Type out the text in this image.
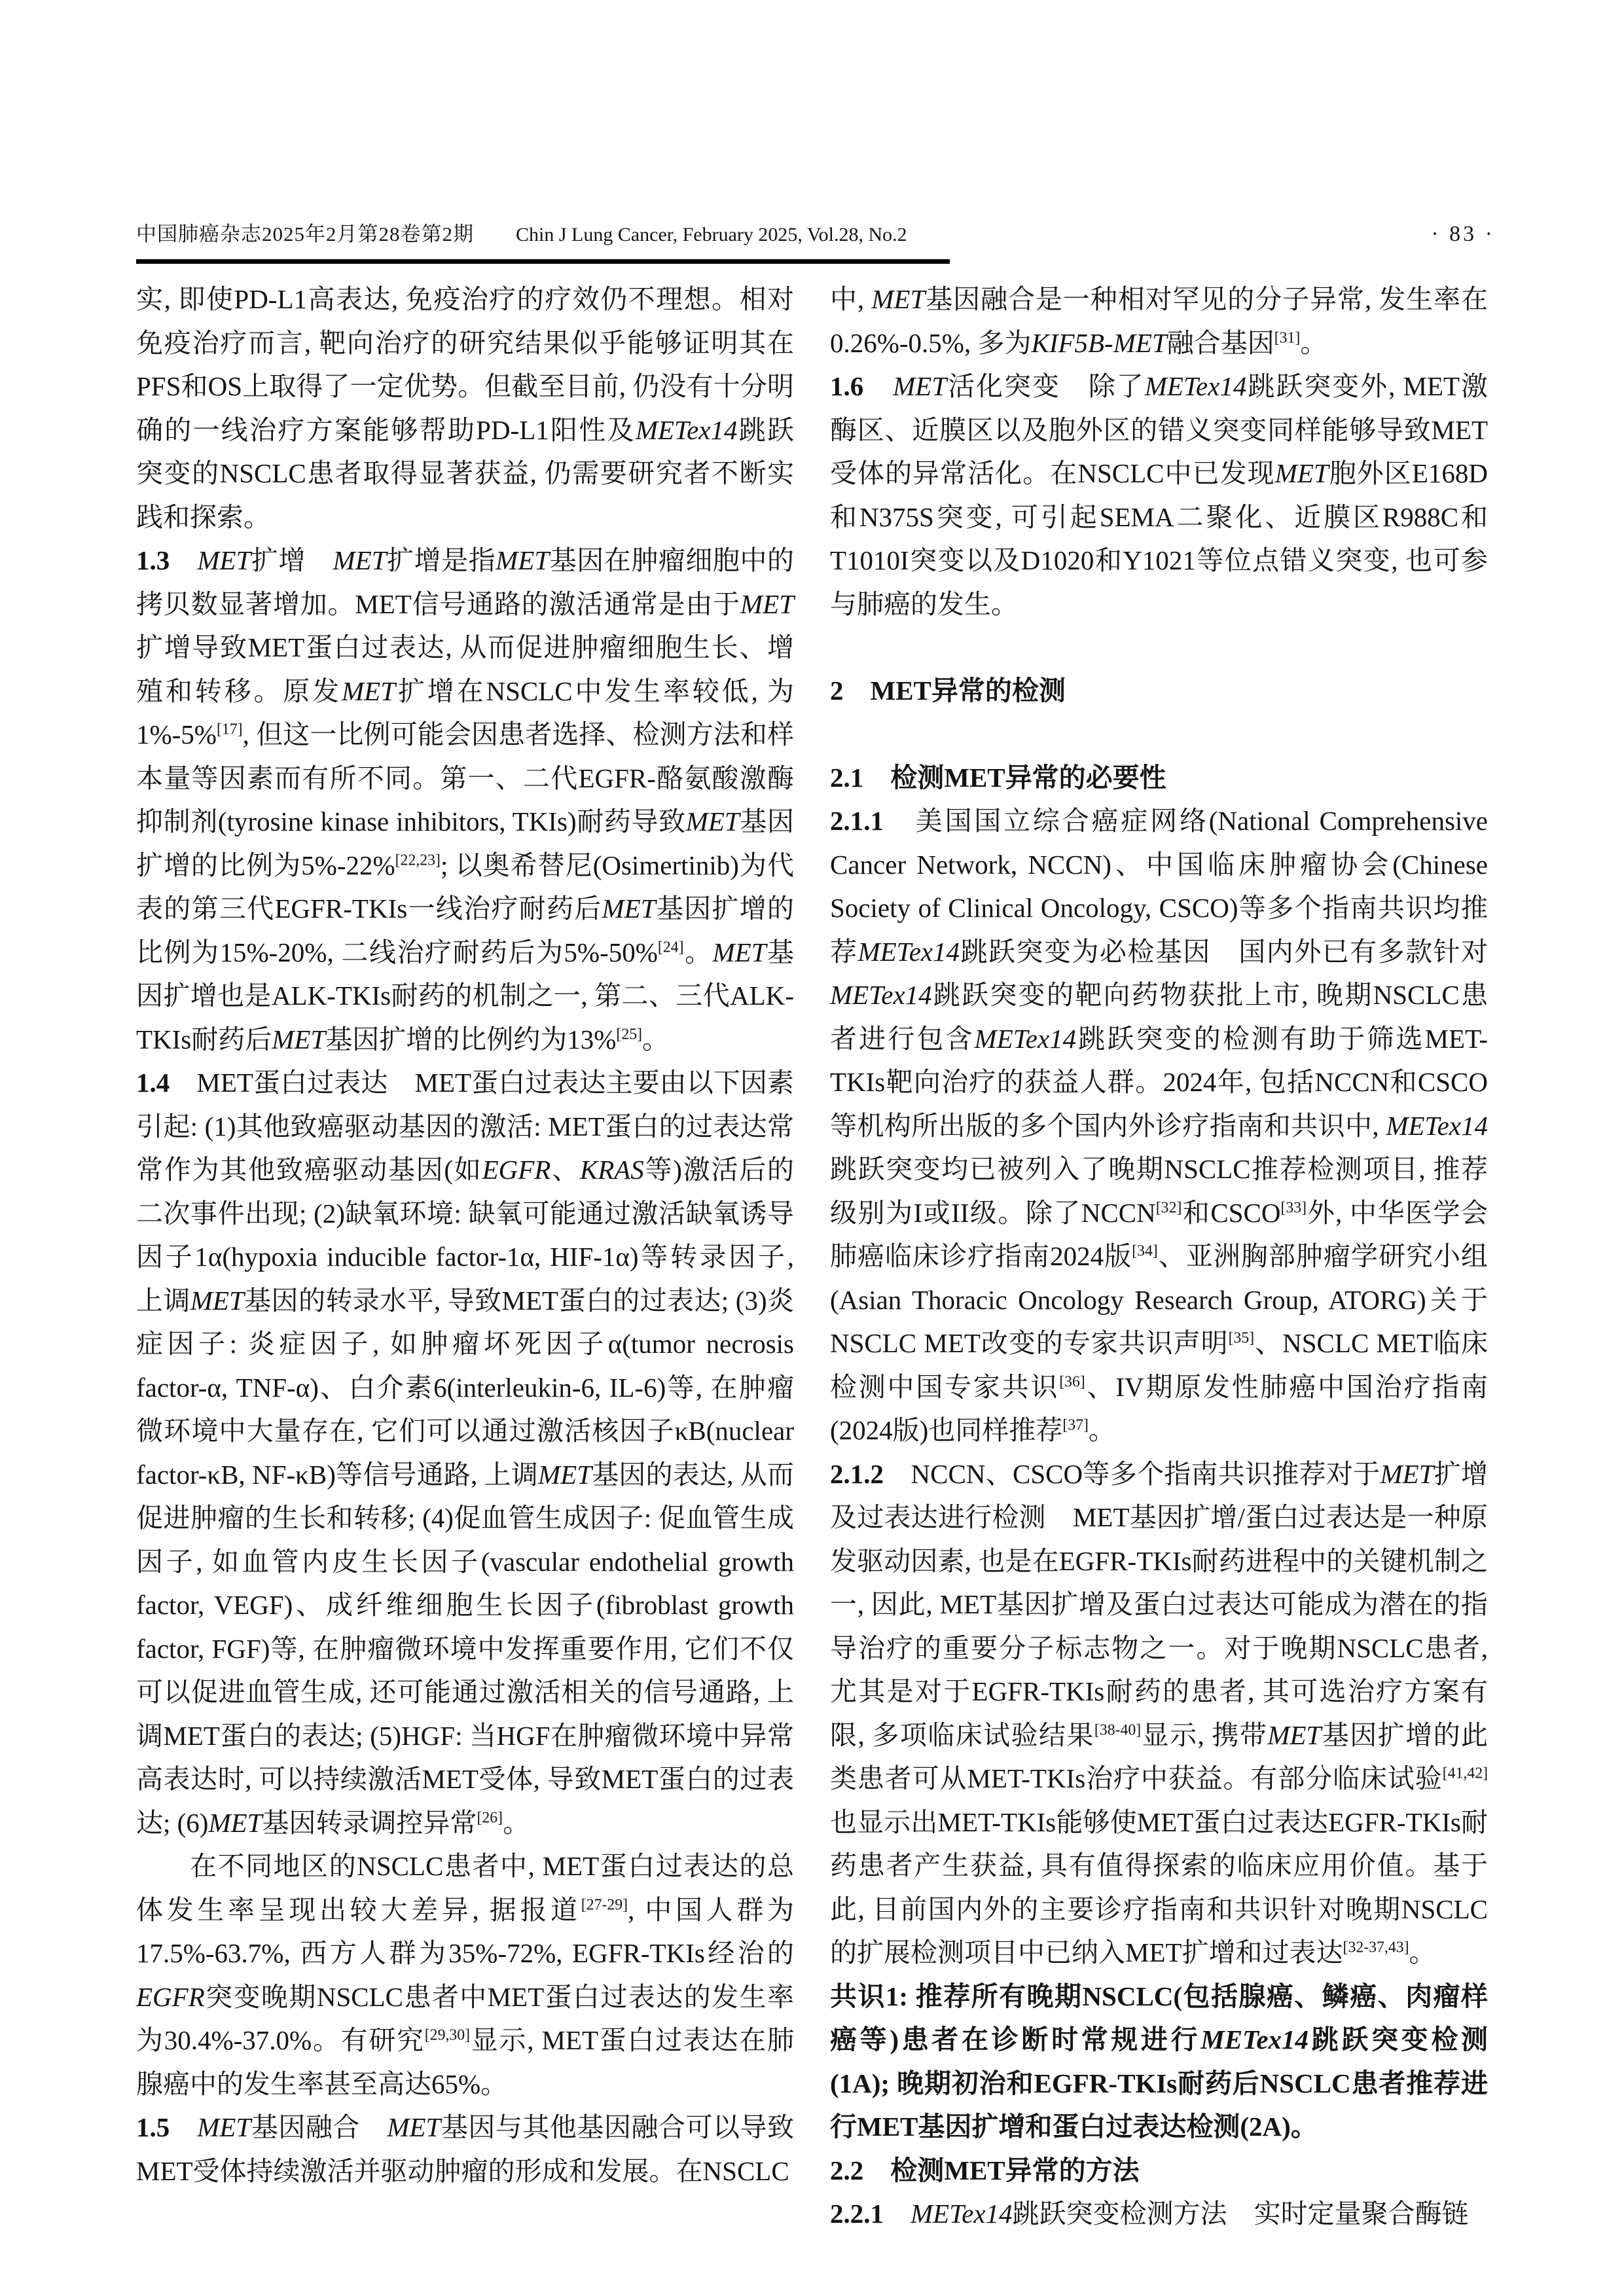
中国肺癌杂志2025年2月第28卷第2期 Chin J Lung Cancer, February 2025, Vol.28, No.2	· 83 ·

实, 即使PD-L1高表达, 免疫治疗的疗效仍不理想。相对免疫治疗而言, 靶向治疗的研究结果似乎能够证明其在PFS和OS上取得了一定优势。但截至目前, 仍没有十分明确的一线治疗方案能够帮助PD-L1阳性及METex14跳跃突变的NSCLC患者取得显著获益, 仍需要研究者不断实践和探索。

1.3　 MET扩增　MET扩增是指MET基因在肿瘤细胞中的拷贝数显著增加。MET信号通路的激活通常是由于MET扩增导致MET蛋白过表达, 从而促进肿瘤细胞生长、增殖和转移。原发MET扩增在NSCLC中发生率较低, 为1%-5%[17], 但这一比例可能会因患者选择、检测方法和样本量等因素而有所不同。第一、二代EGFR-酪氨酸激酶抑制剂(tyrosine kinase inhibitors, TKIs)耐药导致MET基因扩增的比例为5%-22%[22,23]; 以奥希替尼(Osimertinib)为代表的第三代EGFR-TKIs一线治疗耐药后MET基因扩增的比例为15%-20%, 二线治疗耐药后为5%-50%[24]。MET基因扩增也是ALK-TKIs耐药的机制之一, 第二、三代ALK-TKIs耐药后MET基因扩增的比例约为13%[25]。

1.4　MET蛋白过表达　MET蛋白过表达主要由以下因素引起: (1)其他致癌驱动基因的激活: MET蛋白的过表达常常作为其他致癌驱动基因(如EGFR、KRAS等)激活后的二次事件出现; (2)缺氧环境: 缺氧可能通过激活缺氧诱导因子1α(hypoxia inducible factor-1α, HIF-1α)等转录因子, 上调MET基因的转录水平, 导致MET蛋白的过表达; (3)炎症因子: 炎症因子, 如肿瘤坏死因子α(tumor necrosis factor-α, TNF-α)、白介素6(interleukin-6, IL-6)等, 在肿瘤微环境中大量存在, 它们可以通过激活核因子κB(nuclear factor-κB, NF-κB)等信号通路, 上调MET基因的表达, 从而促进肿瘤的生长和转移; (4)促血管生成因子: 促血管生成因子, 如血管内皮生长因子(vascular endothelial growth factor, VEGF)、成纤维细胞生长因子(fibroblast growth factor, FGF)等, 在肿瘤微环境中发挥重要作用, 它们不仅可以促进血管生成, 还可能通过激活相关的信号通路, 上调MET蛋白的表达; (5)HGF: 当HGF在肿瘤微环境中异常高表达时, 可以持续激活MET受体, 导致MET蛋白的过表达; (6)MET基因转录调控异常[26]。

在不同地区的NSCLC患者中, MET蛋白过表达的总体发生率呈现出较大差异, 据报道[27-29], 中国人群为17.5%-63.7%, 西方人群为35%-72%, EGFR-TKIs经治的EGFR突变晚期NSCLC患者中MET蛋白过表达的发生率为30.4%-37.0%。有研究[29,30]显示, MET蛋白过表达在肺腺癌中的发生率甚至高达65%。

1.5　 MET基因融合　MET基因与其他基因融合可以导致MET受体持续激活并驱动肿瘤的形成和发展。在NSCLC

中, MET基因融合是一种相对罕见的分子异常, 发生率在0.26%-0.5%, 多为KIF5B-MET融合基因[31]。

1.6　 MET活化突变　除了METex14跳跃突变外, MET激酶区、近膜区以及胞外区的错义突变同样能够导致MET受体的异常活化。在NSCLC中已发现MET胞外区E168D和N375S突变, 可引起SEMA二聚化、近膜区R988C和T1010I突变以及D1020和Y1021等位点错义突变, 也可参与肺癌的发生。

2　MET异常的检测

2.1　检测MET异常的必要性

2.1.1　美国国立综合癌症网络(National Comprehensive Cancer Network, NCCN)、中国临床肿瘤协会(Chinese Society of Clinical Oncology, CSCO)等多个指南共识均推荐METex14跳跃突变为必检基因　国内外已有多款针对METex14跳跃突变的靶向药物获批上市, 晚期NSCLC患者进行包含METex14跳跃突变的检测有助于筛选MET-TKIs靶向治疗的获益人群。2024年, 包括NCCN和CSCO等机构所出版的多个国内外诊疗指南和共识中, METex14跳跃突变均已被列入了晚期NSCLC推荐检测项目, 推荐级别为I或II级。除了NCCN[32]和CSCO[33]外, 中华医学会肺癌临床诊疗指南2024版[34]、亚洲胸部肿瘤学研究小组(Asian Thoracic Oncology Research Group, ATORG)关于NSCLC MET改变的专家共识声明[35]、NSCLC MET临床检测中国专家共识[36]、IV期原发性肺癌中国治疗指南(2024版)也同样推荐[37]。

2.1.2　NCCN、CSCO等多个指南共识推荐对于MET扩增及过表达进行检测　MET基因扩增/蛋白过表达是一种原发驱动因素, 也是在EGFR-TKIs耐药进程中的关键机制之一, 因此, MET基因扩增及蛋白过表达可能成为潜在的指导治疗的重要分子标志物之一。对于晚期NSCLC患者, 尤其是对于EGFR-TKIs耐药的患者, 其可选治疗方案有限, 多项临床试验结果[38-40]显示, 携带MET基因扩增的此类患者可从MET-TKIs治疗中获益。有部分临床试验[41,42]也显示出MET-TKIs能够使MET蛋白过表达EGFR-TKIs耐药患者产生获益, 具有值得探索的临床应用价值。基于此, 目前国内外的主要诊疗指南和共识针对晚期NSCLC的扩展检测项目中已纳入MET扩增和过表达[32-37,43]。

共识1: 推荐所有晚期NSCLC(包括腺癌、鳞癌、肉瘤样癌等)患者在诊断时常规进行METex14跳跃突变检测(1A); 晚期初治和EGFR-TKIs耐药后NSCLC患者推荐进行MET基因扩增和蛋白过表达检测(2A)。

2.2　检测MET异常的方法

2.2.1　 METex14跳跃突变检测方法　实时定量聚合酶链
